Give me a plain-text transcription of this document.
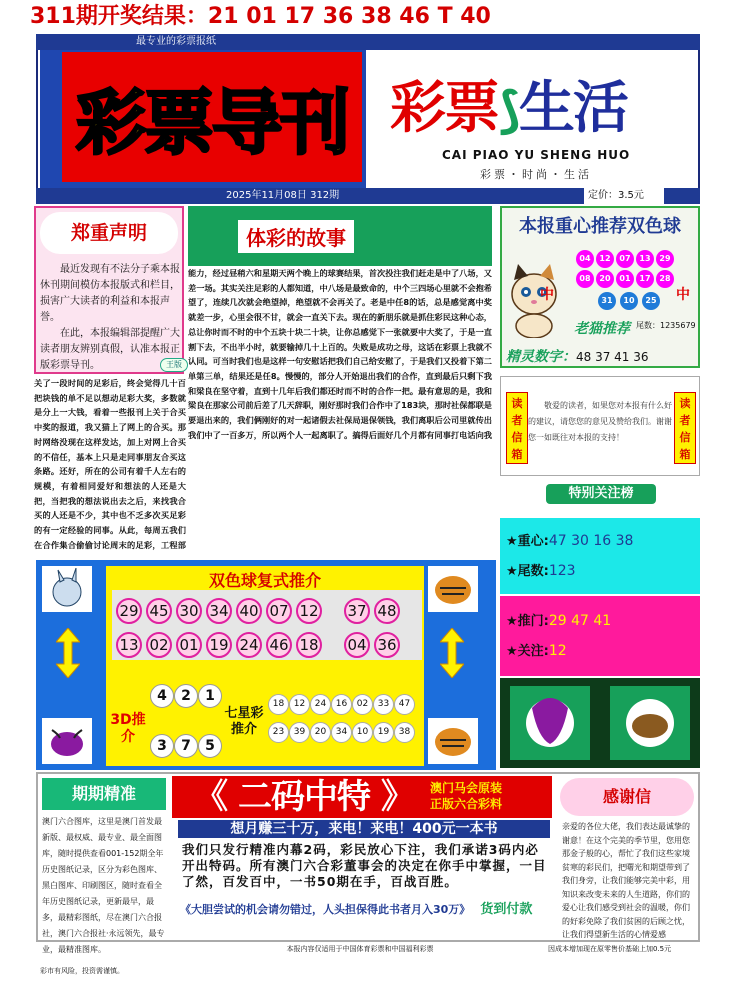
311期开奖结果：21 01 17 36 38 46 T 40
最专业的彩票报纸
彩票导刊 彩票⟆生活
CAI PIAO YU SHENG HUO
彩票・时尚・生活
2025年11月08日 312期	定价：3.5元
郑重声明

最近发现有不法分子乘本报休刊期间模仿本报版式和栏目，损害广大读者的利益和本报声誉。

在此，本报编辑部提醒广大读者朋友辨别真假，认准本报正版彩票导刊。	王版
体彩的故事
能力，经过昼稍六和星期天两个晚上的球赛结果，首次投注我们赶走是中了八场，又差一场。其实关注足彩的人都知道，中八场是最致命的，中个三四场心里就不会抱希望了，连续几次就会绝望掉，绝望就不会再关了。老是中任8的话，总是感觉离中奖就差一步，心里会很不甘，就会一直关下去。现在的新朋乐就是抓住彩民这种心态，总让你时而不时的中个五块十块二十块，让你总感觉下一张就要中大奖了，于是一直割下去，不出半小时，就要输掉几十上百的。失败是成功之母，这话在彩票上我就不认同。可当时我们也是这样一句安慰话把我们自己给安慰了，于是我们又投着下第二单第三单，结果还是任8。慢慢的，部分人开始退出我们的合作，直到最后只剩下我和梁良在坚守着，直到十几年后我们都还时而不时的合作一把。最有意思的是，我和梁良在那家公司前后差了几天辞职，刚好那时我们合作中了183块，那时社保都联是要退出来的，我们俩刚好的对一起诸假去社保局退保领钱，我们离职后公司里就传出我们中了一百多万，所以两个人一起离职了。搞得后面好几个月都有同事打电话向我
关了一段时间的足彩后，终会觉得几十百把块钱的单不足以想动足彩大奖，多数就是分上一大钱，看着一些报刊上关于合买中奖的报道，我又猫上了网上的合买。那时网络没现在这样发达，加上对网上合买的不信任，基本上只是走同事朋友合买这条路。还好，所在的公司有着千人左右的规模，有着相同爱好和想法的人还是大把，当把我的想法说出去之后，来找我合买的人还是不少，其中也不乏多次买足彩的有一定经验的同事。从此，每周五我们在合作集合偷偷讨论周末的足彩，工程部
本报重心推荐双色球
04	12	07	13	29
08	20	01	17	28
31	10	25
中	中
老猫推荐 尾数：1235679
精灵数字：48 37 41 36
读者信箱
读者信箱
敬爱的读者，如果您对本报有什么好的建议，请您您的意见及赞给我们。谢谢您一如既往对本报的支持！
特别关注榜
★重心:47 30 16 38
★尾数:123
★推门:29 47 41
★关注:12
双色球复式推介
29 45 30 34 40 07 12 37 48
13 02 01 19 24 46 18 04 36
3D推介
4	2	1
3	7	5
七星彩推介
18	12	24	16	02	33	47
23	39	20	34	10	19	38
期期精准
澳门六合图库，这里是澳门首发最新版、最权威、最专业、最全面图库，随时提供查看001-152期全年历史图纸记录，区分为彩色图库、黑白图库、印刷图区，随时查看全年历史图纸记录，更新最早，最多，最精彩图纸，尽在澳门六合报社，澳门六合报社·永远领先，最专业，最精准图库。
《 二码中特 》	澳门马会原装
正版六合彩料
想月赚三十万，来电！来电！400元一本书
我们只发行精准内幕2码，彩民放心下注，我们承诺3码内必开出特码。所有澳门六合彩董事会的决定在你手中掌握，一目了然，百发百中，一书50期在手，百战百胜。
《大胆尝试的机会请勿错过，人头担保得此书者月入30万》 货到付款
感谢信
亲爱的各位大佬，我们表达最诚挚的谢意！在这个完美的季节里，您用您那金子般的心，帮忙了我们这些家境贫寒的彩民们，把曙光和期望带到了我们身旁，让我们能够完美中彩，用知识来改变未来的人生道路，你们的爱心让我们感受到社会的温暖，你们的好彩免除了我们贫困的后顾之忧，让我们得望新生活的心情爱感
本报内容仅适用于中国体育彩票和中国福利彩票	因成本增加现在原零售价基础上加0.5元
彩市有风险，投资需谨慎。
